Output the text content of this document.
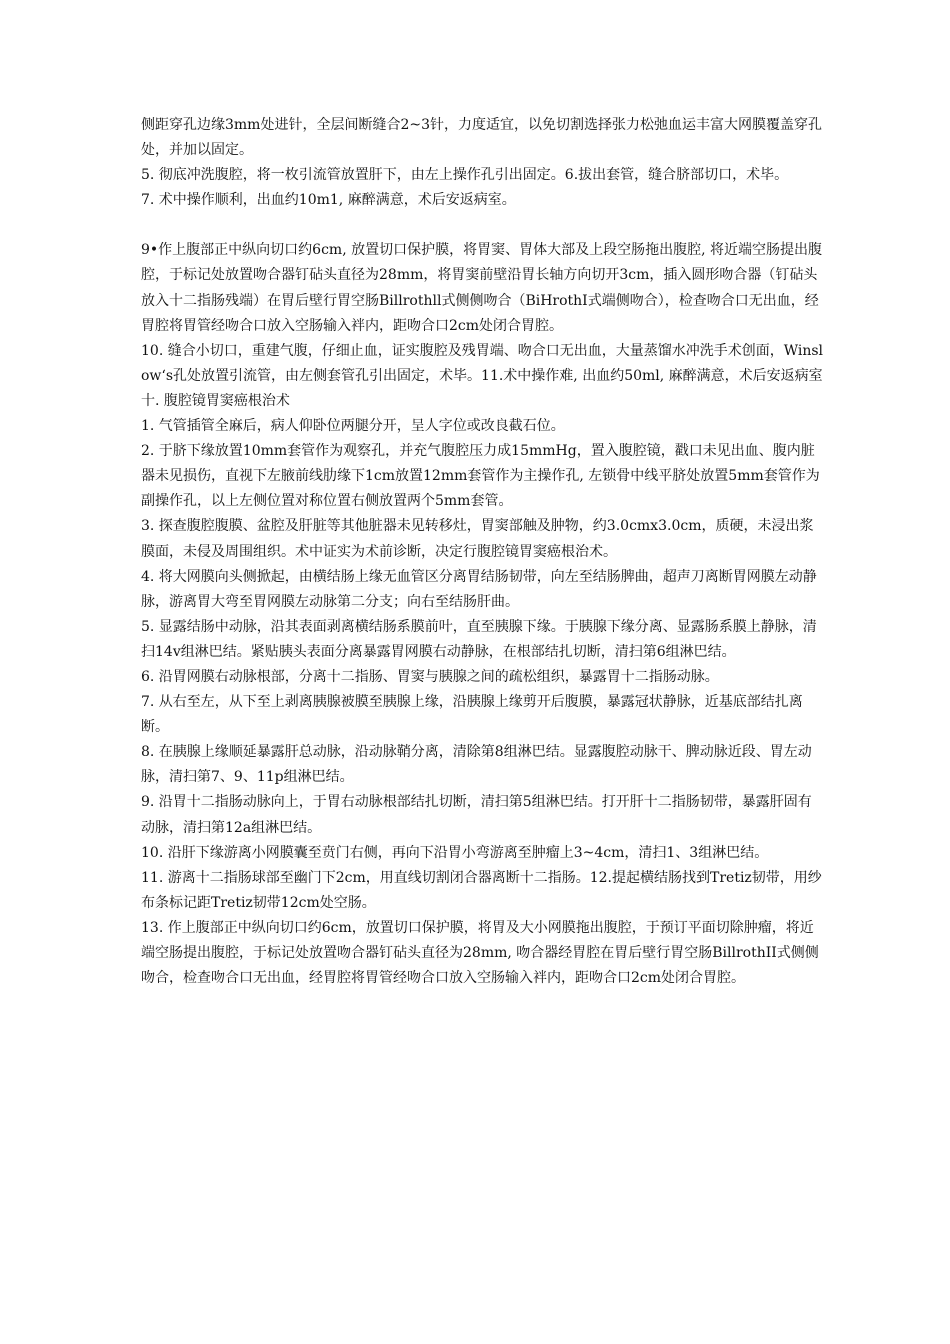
侧距穿孔边缘3mm处进针，全层间断缝合2~3针，力度适宜，以免切割选择张力松弛血运丰富大网膜覆盖穿孔处，并加以固定。

5. 彻底冲洗腹腔，将一枚引流管放置肝下，由左上操作孔引出固定。6.拔出套管，缝合脐部切口，术毕。

7. 术中操作顺利，出血约10m1, 麻醉满意，术后安返病室。

9•作上腹部正中纵向切口约6cm, 放置切口保护膜，将胃窦、胃体大部及上段空肠拖出腹腔, 将近端空肠提出腹腔，于标记处放置吻合器钉砧头直径为28mm，将胃窦前壁沿胃长轴方向切开3cm，插入圆形吻合器（钉砧头放入十二指肠残端）在胃后壁行胃空肠Billrothll式侧侧吻合（BiHrothI式端侧吻合），检查吻合口无出血，经胃腔将胃管经吻合口放入空肠输入袢内，距吻合口2cm处闭合胃腔。

10. 缝合小切口，重建气腹，仔细止血，证实腹腔及残胃端、吻合口无出血，大量蒸馏水冲洗手术创面，Winslow‘s孔处放置引流管，由左侧套管孔引出固定，术毕。11.术中操作难, 出血约50ml, 麻醉满意，术后安返病室

十. 腹腔镜胃窦癌根治术

1. 气管插管全麻后，病人仰卧位两腿分开，呈人字位或改良截石位。

2. 于脐下缘放置10mm套管作为观察孔，并充气腹腔压力成15mmHg，置入腹腔镜，戳口未见出血、腹内脏器未见损伤，直视下左腋前线肋缘下1cm放置12mm套管作为主操作孔, 左锁骨中线平脐处放置5mm套管作为副操作孔，以上左侧位置对称位置右侧放置两个5mm套管。

3. 探查腹腔腹膜、盆腔及肝脏等其他脏器未见转移灶，胃窦部触及肿物，约3.0cmx3.0cm，质硬，未浸出浆膜面，未侵及周围组织。术中证实为术前诊断，决定行腹腔镜胃窦癌根治术。

4. 将大网膜向头侧掀起，由横结肠上缘无血管区分离胃结肠韧带，向左至结肠脾曲，超声刀离断胃网膜左动静脉，游离胃大弯至胃网膜左动脉第二分支；向右至结肠肝曲。

5. 显露结肠中动脉，沿其表面剥离横结肠系膜前叶，直至胰腺下缘。于胰腺下缘分离、显露肠系膜上静脉，清扫14v组淋巴结。紧贴胰头表面分离暴露胃网膜右动静脉，在根部结扎切断，清扫第6组淋巴结。

6. 沿胃网膜右动脉根部，分离十二指肠、胃窦与胰腺之间的疏松组织，暴露胃十二指肠动脉。

7. 从右至左，从下至上剥离胰腺被膜至胰腺上缘，沿胰腺上缘剪开后腹膜，暴露冠状静脉，近基底部结扎离断。

8. 在胰腺上缘顺延暴露肝总动脉，沿动脉鞘分离，清除第8组淋巴结。显露腹腔动脉干、脾动脉近段、胃左动脉，清扫第7、9、11p组淋巴结。

9. 沿胃十二指肠动脉向上，于胃右动脉根部结扎切断，清扫第5组淋巴结。打开肝十二指肠韧带，暴露肝固有动脉，清扫第12a组淋巴结。

10. 沿肝下缘游离小网膜囊至贲门右侧，再向下沿胃小弯游离至肿瘤上3~4cm，清扫1、3组淋巴结。

11. 游离十二指肠球部至幽门下2cm，用直线切割闭合器离断十二指肠。12.提起横结肠找到Tretiz韧带，用纱布条标记距Tretiz韧带12cm处空肠。

13. 作上腹部正中纵向切口约6cm，放置切口保护膜，将胃及大小网膜拖出腹腔，于预订平面切除肿瘤，将近端空肠提出腹腔，于标记处放置吻合器钉砧头直径为28mm, 吻合器经胃腔在胃后壁行胃空肠BillrothII式侧侧吻合，检查吻合口无出血，经胃腔将胃管经吻合口放入空肠输入袢内，距吻合口2cm处闭合胃腔。
